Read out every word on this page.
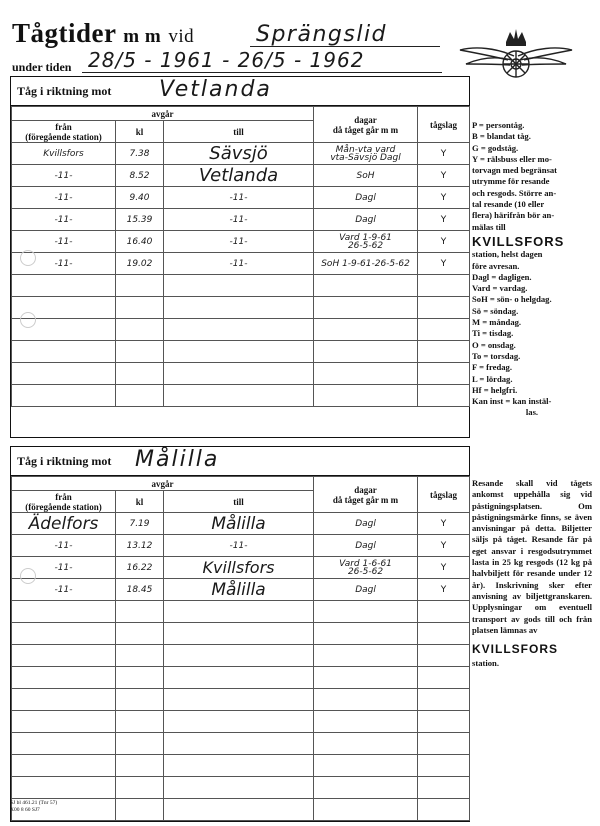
Tågtider m m vid	Sprängslid
under tiden 28/5 - 1961 - 26/5 - 1962
Tåg i riktning mot Vetlanda
avgår			dagar
då tåget går m m	tågslag
från
(föregående station)	kl	till		
Kvillsfors	7.38	Sävsjö	Mån-vta vard
vta-Sävsjö Dagl	Y
-11-	8.52	Vetlanda	SoH	Y
-11-	9.40	-11-	Dagl	Y
-11-	15.39	-11-	Dagl	Y
-11-	16.40	-11-	Vard 1-9-61
26-5-62	Y
-11-	19.02	-11-	SoH 1-9-61-26-5-62	Y

Tåg i riktning mot Målilla
avgår			dagar
då tåget går m m	tågslag
från
(föregående station)	kl	till		
Ädelfors	7.19	Målilla	Dagl	Y
-11-	13.12	-11-	Dagl	Y
-11-	16.22	Kvillsfors	Vard 1-6-61
26-5-62	Y
-11-	18.45	Målilla	Dagl	Y

P = persontåg.
B = blandat tåg.
G = godståg.
Y = rälsbuss eller mo-
torvagn med begränsat
utrymme för resande
och resgods. Större an-
tal resande (10 eller
flera) härifrån bör an-
mälas till
KVILLSFORS
station, helst dagen
före avresan.
Dagl = dagligen.
Vard = vardag.
SoH = sön- o helgdag.
Sö = söndag.
M = måndag.
Ti = tisdag.
O = onsdag.
To = torsdag.
F = fredag.
L = lördag.
Hf = helgfri.
Kan inst = kan instäl-
las.
Resande skall vid tågets ankomst uppehålla sig vid påstigningsplatsen. Om påstigningsmärke finns, se även anvisningar på detta. Biljetter säljs på tåget. Resande får på eget ansvar i resgodsutrymmet lasta in 25 kg resgods (12 kg på halvbiljett för resande under 12 år). Inskrivning sker efter anvisning av biljettgranskaren. Upplysningar om eventuell transport av gods till och från platsen lämnas av
KVILLSFORS
station.
SJ bl 461.21 (Tnr 57)
X00 8 60 SJ7
